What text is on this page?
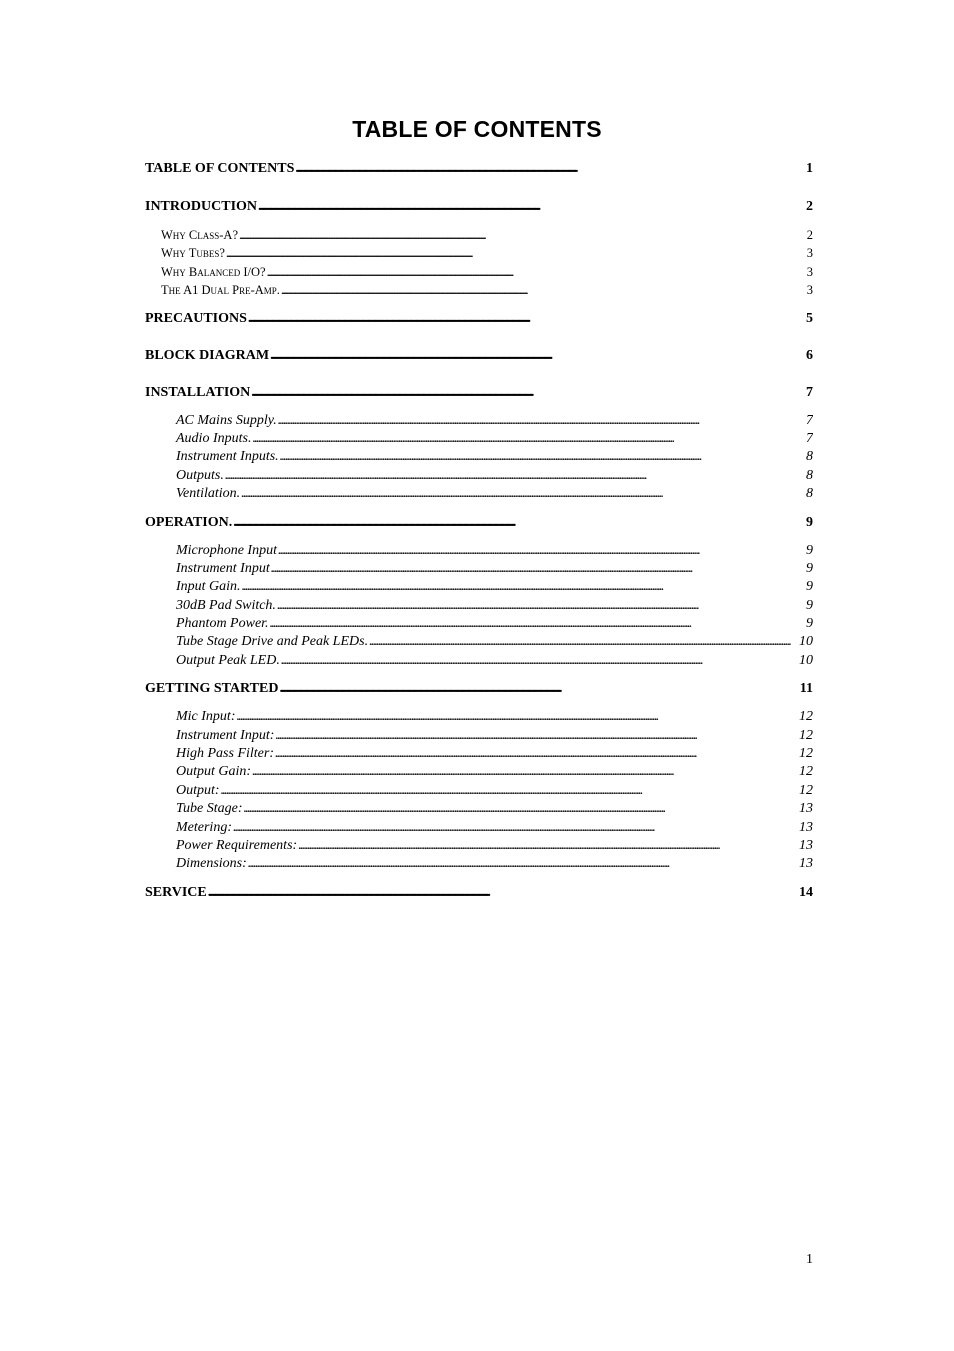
TABLE OF CONTENTS
TABLE OF CONTENTS . . .	1
INTRODUCTION . . .	2
Why Class-A? . . .	2
Why Tubes? . . .	3
Why Balanced I/O? . . .	3
The A1 Dual Pre-Amp. . . .	3
PRECAUTIONS . . .	5
BLOCK DIAGRAM . . .	6
INSTALLATION . . .	7
AC Mains Supply. . . .	7
Audio Inputs. . . .	7
Instrument Inputs. . . .	8
Outputs. . . .	8
Ventilation. . . .	8
OPERATION. . . .	9
Microphone Input . . .	9
Instrument Input . . .	9
Input Gain. . . .	9
30dB Pad Switch. . . .	9
Phantom Power. . . .	9
Tube Stage Drive and Peak LEDs. . . .	10
Output Peak LED. . . .	10
GETTING STARTED . . .	11
Mic Input: . . .	12
Instrument Input: . . .	12
High Pass Filter: . . .	12
Output Gain: . . .	12
Output: . . .	12
Tube Stage: . . .	13
Metering: . . .	13
Power Requirements: . . .	13
Dimensions: . . .	13
SERVICE . . .	14
1
